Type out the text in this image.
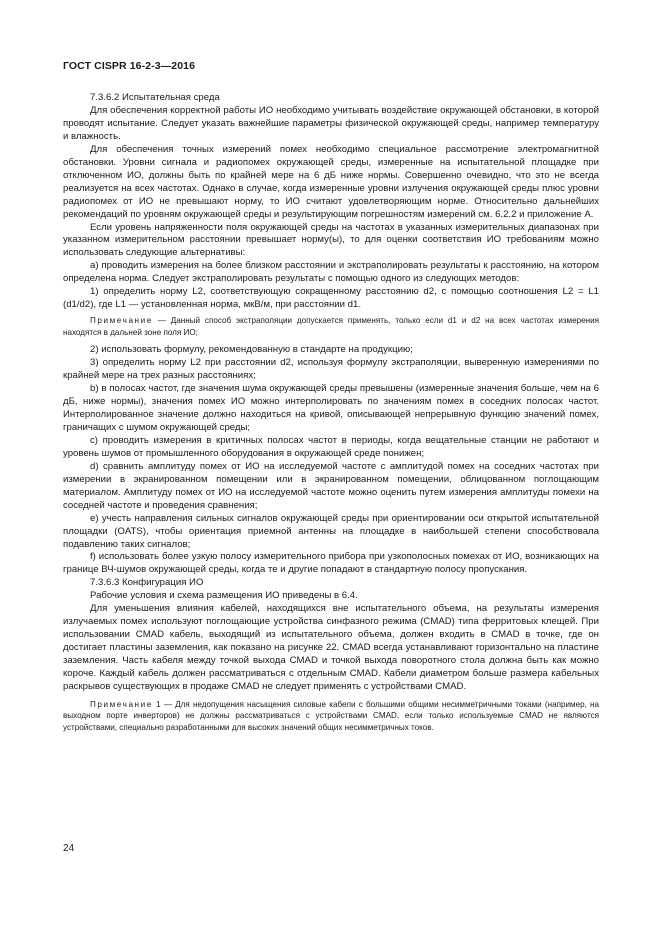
ГОСТ CISPR 16-2-3—2016

7.3.6.2 Испытательная среда

Для обеспечения корректной работы ИО необходимо учитывать воздействие окружающей обстановки, в которой проводят испытание. Следует указать важнейшие параметры физической окружающей среды, например температуру и влажность.

Для обеспечения точных измерений помех необходимо специальное рассмотрение электромагнитной обстановки. Уровни сигнала и радиопомех окружающей среды, измеренные на испытательной площадке при отключенном ИО, должны быть по крайней мере на 6 дБ ниже нормы. Совершенно очевидно, что это не всегда реализуется на всех частотах. Однако в случае, когда измеренные уровни излучения окружающей среды плюс уровни радиопомех от ИО не превышают норму, то ИО считают удовлетворяющим норме. Относительно дальнейших рекомендаций по уровням окружающей среды и результирующим погрешностям измерений см. 6.2.2 и приложение А.

Если уровень напряженности поля окружающей среды на частотах в указанных измерительных диапазонах при указанном измерительном расстоянии превышает норму(ы), то для оценки соответствия ИО требованиям можно использовать следующие альтернативы:

а) проводить измерения на более близком расстоянии и экстраполировать результаты к расстоянию, на котором определена норма. Следует экстраполировать результаты с помощью одного из следующих методов:

1) определить норму L2, соответствующую сокращенному расстоянию d2, с помощью соотношения L2 = L1 (d1/d2), где L1 — установленная норма, мкВ/м, при расстоянии d1.

Примечание — Данный способ экстраполяции допускается применять, только если d1 и d2 на всех частотах измерения находятся в дальней зоне поля ИО;

2) использовать формулу, рекомендованную в стандарте на продукцию;

3) определить норму L2 при расстоянии d2, используя формулу экстраполяции, выверенную измерениями по крайней мере на трех разных расстояниях;

b) в полосах частот, где значения шума окружающей среды превышены (измеренные значения больше, чем на 6 дБ, ниже нормы), значения помех ИО можно интерполировать по значениям помех в соседних полосах частот. Интерполированное значение должно находиться на кривой, описывающей непрерывную функцию значений помех, граничащих с шумом окружающей среды;

c) проводить измерения в критичных полосах частот в периоды, когда вещательные станции не работают и уровень шумов от промышленного оборудования в окружающей среде понижен;

d) сравнить амплитуду помех от ИО на исследуемой частоте с амплитудой помех на соседних частотах при измерении в экранированном помещении или в экранированном помещении, облицованном поглощающим материалом. Амплитуду помех от ИО на исследуемой частоте можно оценить путем измерения амплитуды помехи на соседней частоте и проведения сравнения;

e) учесть направления сильных сигналов окружающей среды при ориентировании оси открытой испытательной площадки (OATS), чтобы ориентация приемной антенны на площадке в наибольшей степени способствовала подавлению таких сигналов;

f) использовать более узкую полосу измерительного прибора при узкополосных помехах от ИО, возникающих на границе ВЧ-шумов окружающей среды, когда те и другие попадают в стандартную полосу пропускания.

7.3.6.3 Конфигурация ИО

Рабочие условия и схема размещения ИО приведены в 6.4.

Для уменьшения влияния кабелей, находящихся вне испытательного объема, на результаты измерения излучаемых помех используют поглощающие устройства синфазного режима (CMAD) типа ферритовых клещей. При использовании CMAD кабель, выходящий из испытательного объема, должен входить в CMAD в точке, где он достигает пластины заземления, как показано на рисунке 22. CMAD всегда устанавливают горизонтально на пластине заземления. Часть кабеля между точкой выхода CMAD и точкой выхода поворотного стола должна быть как можно короче. Каждый кабель должен рассматриваться с отдельным CMAD. Кабели диаметром больше размера кабельных раскрывов существующих в продаже CMAD не следует применять с устройствами CMAD.

Примечание 1 — Для недопущения насыщения силовые кабели с большими общими несимметричными токами (например, на выходном порте инверторов) не должны рассматриваться с устройствами CMAD, если только используемые CMAD не являются устройствами, специально разработанными для высоких значений общих несимметричных токов.

24
